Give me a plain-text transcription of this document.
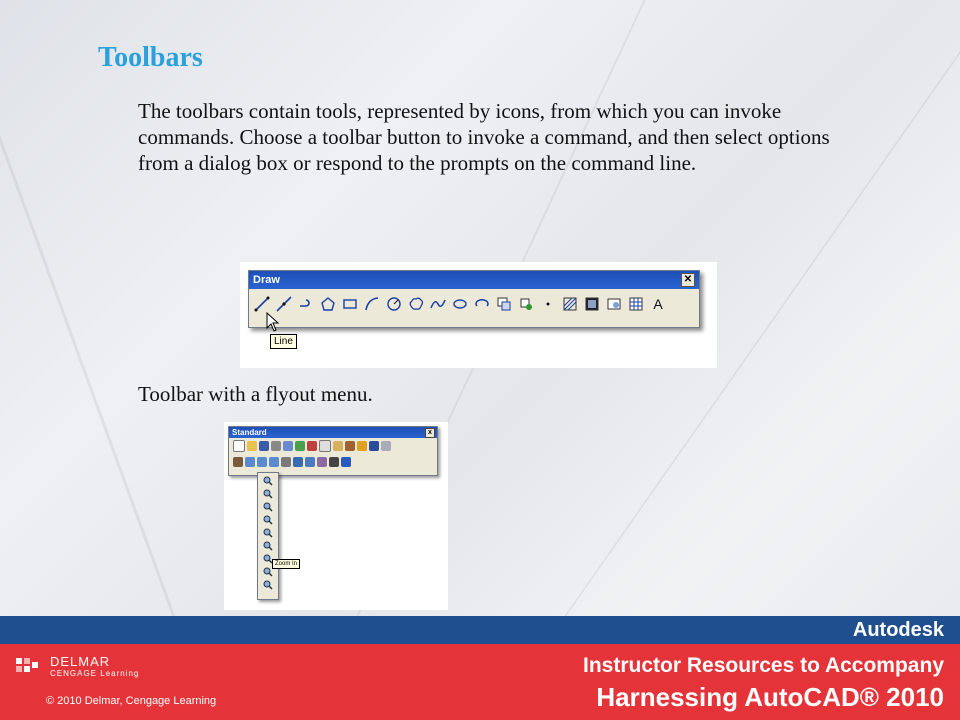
Toolbars
The toolbars contain tools, represented by icons, from which you can invoke commands. Choose a toolbar button to invoke a command, and then select options from a dialog box or respond to the prompts on the command line.
Draw	✕
A
Line
Toolbar with a flyout menu.
Standard	x
Zoom In
Autodesk
DELMAR
CENGAGE Learning
© 2010 Delmar, Cengage Learning
Instructor Resources to Accompany
Harnessing AutoCAD® 2010
